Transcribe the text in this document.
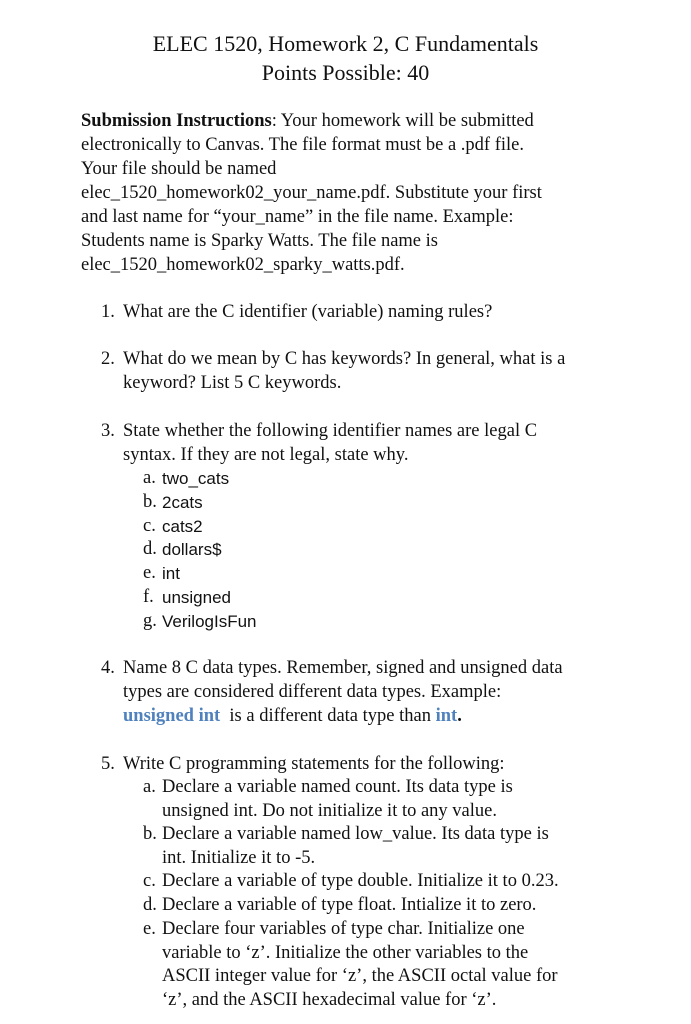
ELEC 1520, Homework 2, C Fundamentals
Points Possible: 40
Submission Instructions: Your homework will be submitted
electronically to Canvas. The file format must be a .pdf file.
Your file should be named
elec_1520_homework02_your_name.pdf. Substitute your first
and last name for “your_name” in the file name. Example:
Students name is Sparky Watts. The file name is
elec_1520_homework02_sparky_watts.pdf.
1. What are the C identifier (variable) naming rules?
2. What do we mean by C has keywords? In general, what is a
keyword? List 5 C keywords.
3. State whether the following identifier names are legal C
syntax. If they are not legal, state why.
a. two_cats
b. 2cats
c. cats2
d. dollars$
e. int
f. unsigned
g. VerilogIsFun
4. Name 8 C data types. Remember, signed and unsigned data
types are considered different data types. Example:
unsigned int  is a different data type than int.
5. Write C programming statements for the following:
a. Declare a variable named count. Its data type is
unsigned int. Do not initialize it to any value.
b. Declare a variable named low_value. Its data type is
int. Initialize it to -5.
c. Declare a variable of type double. Initialize it to 0.23.
d. Declare a variable of type float. Intialize it to zero.
e. Declare four variables of type char. Initialize one
variable to ‘z’. Initialize the other variables to the
ASCII integer value for ‘z’, the ASCII octal value for
‘z’, and the ASCII hexadecimal value for ‘z’.
